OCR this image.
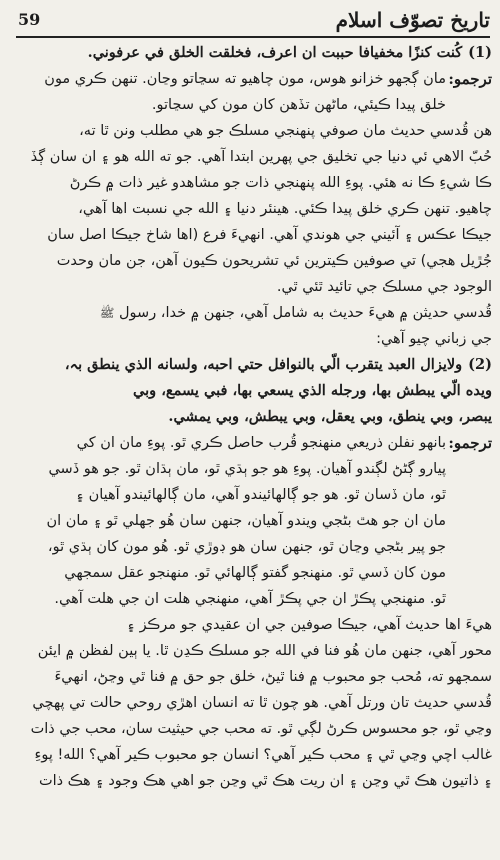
59	تاريخ تصوّف اسلام
(1)كُنت كنزًا مخفيافا حببت ان اعرف، فخلقت الخلق في عرفوني.
ترجمو:
مان ڳجهو خزانو هوس، مون چاهيو ته سڃاتو وڃان. تنهن ڪري مون
خلق پيدا ڪيئي، ماڻهن تڏهن کان مون کي سڃاتو.
هن قُدسي حديث مان صوفي پنهنجي مسلڪ جو هي مطلب ونن ٿا ته،
حُبّ الاهي ئي دنيا جي تخليق جي پهرين ابتدا آهي. جو ته الله هو ۽ ان سان ڳڏ
ڪا شيءِ ڪا نه هئي. پوءِ الله پنهنجي ذات جو مشاهدو غير ذات ۾ ڪرڻ
چاهيو. تنهن ڪري خلق پيدا ڪئي. هينئر دنيا ۽ الله جي نسبت اها آهي،
جيڪا عڪس ۽ آئيني جي هوندي آهي. انهيءَ فرع (اها شاخ جيڪا اصل سان
جُڙيل هجي) تي صوفين ڪيترين ئي تشريحون ڪيون آهن، جن مان وحدت
الوجود جي مسلڪ جي تائيد ٿئي ٿي.
قُدسي حديثن ۾ هيءَ حديث به شامل آهي، جنهن ۾ خدا، رسول ﷺ
جي زباني چيو آهي:
(2)ولايزال العبد يتقرب الّي بالنوافل حتي احبه، ولسانه الذي ينطق بہ،
ويده الّي يبطش بها، ورجله الذي يسعي بها، فبي يسمع، وبي
يبصر، وبي ينطق، وبي يعقل، وبي يبطش، وبي يمشي.
ترجمو:
بانهو نفلن ذريعي منهنجو قُرب حاصل ڪري ٿو. پوءِ مان ان کي
پيارو ڳڻڻ لڳندو آهيان. پوءِ هو جو ٻڌي ٿو، مان ٻڌان ٿو. جو هو ڏسي
ٿو، مان ڏسان ٿو. هو جو ڳالهائيندو آهي، مان ڳالهائيندو آهيان ۽
مان ان جو هٿ بڻجي ويندو آهيان، جنهن سان هُو جهلي ٿو ۽ مان ان
جو پير بڻجي وڃان ٿو، جنهن سان هو ڊوڙي ٿو. هُو مون کان ٻڌي ٿو،
مون کان ڏسي ٿو. منهنجو گفتو ڳالهائي ٿو. منهنجو عقل سمجهي
ٿو. منهنجي پڪڙ ان جي پڪڙ آهي، منهنجي هلت ان جي هلت آهي.
هيءَ اها حديث آهي، جيڪا صوفين جي ان عقيدي جو مرڪز ۽
محور آهي، جنهن مان هُو فنا في الله جو مسلڪ ڪڍن ٿا. يا ٻين لفظن ۾ ايئن
سمجهو ته، مُحب جو محبوب ۾ فنا ٿيڻ، خلق جو حق ۾ فنا ٿي وڃڻ، انهيءَ
قُدسي حديث تان ورتل آهي. هو چون ٿا ته انسان اهڙي روحي حالت تي پهچي
وڃي ٿو، جو محسوس ڪرڻ لڳي ٿو. ته محب جي حيثيت سان، محب جي ذات
غالب اچي وڃي ٿي ۽ محب ڪير آهي؟ انسان جو محبوب ڪير آهي؟ الله! پوءِ
۽ ذاتيون هڪ ٿي وڃن ۽ ان ريت هڪ ٿي وڃن جو اهي هڪ وجود ۽ هڪ ذات
